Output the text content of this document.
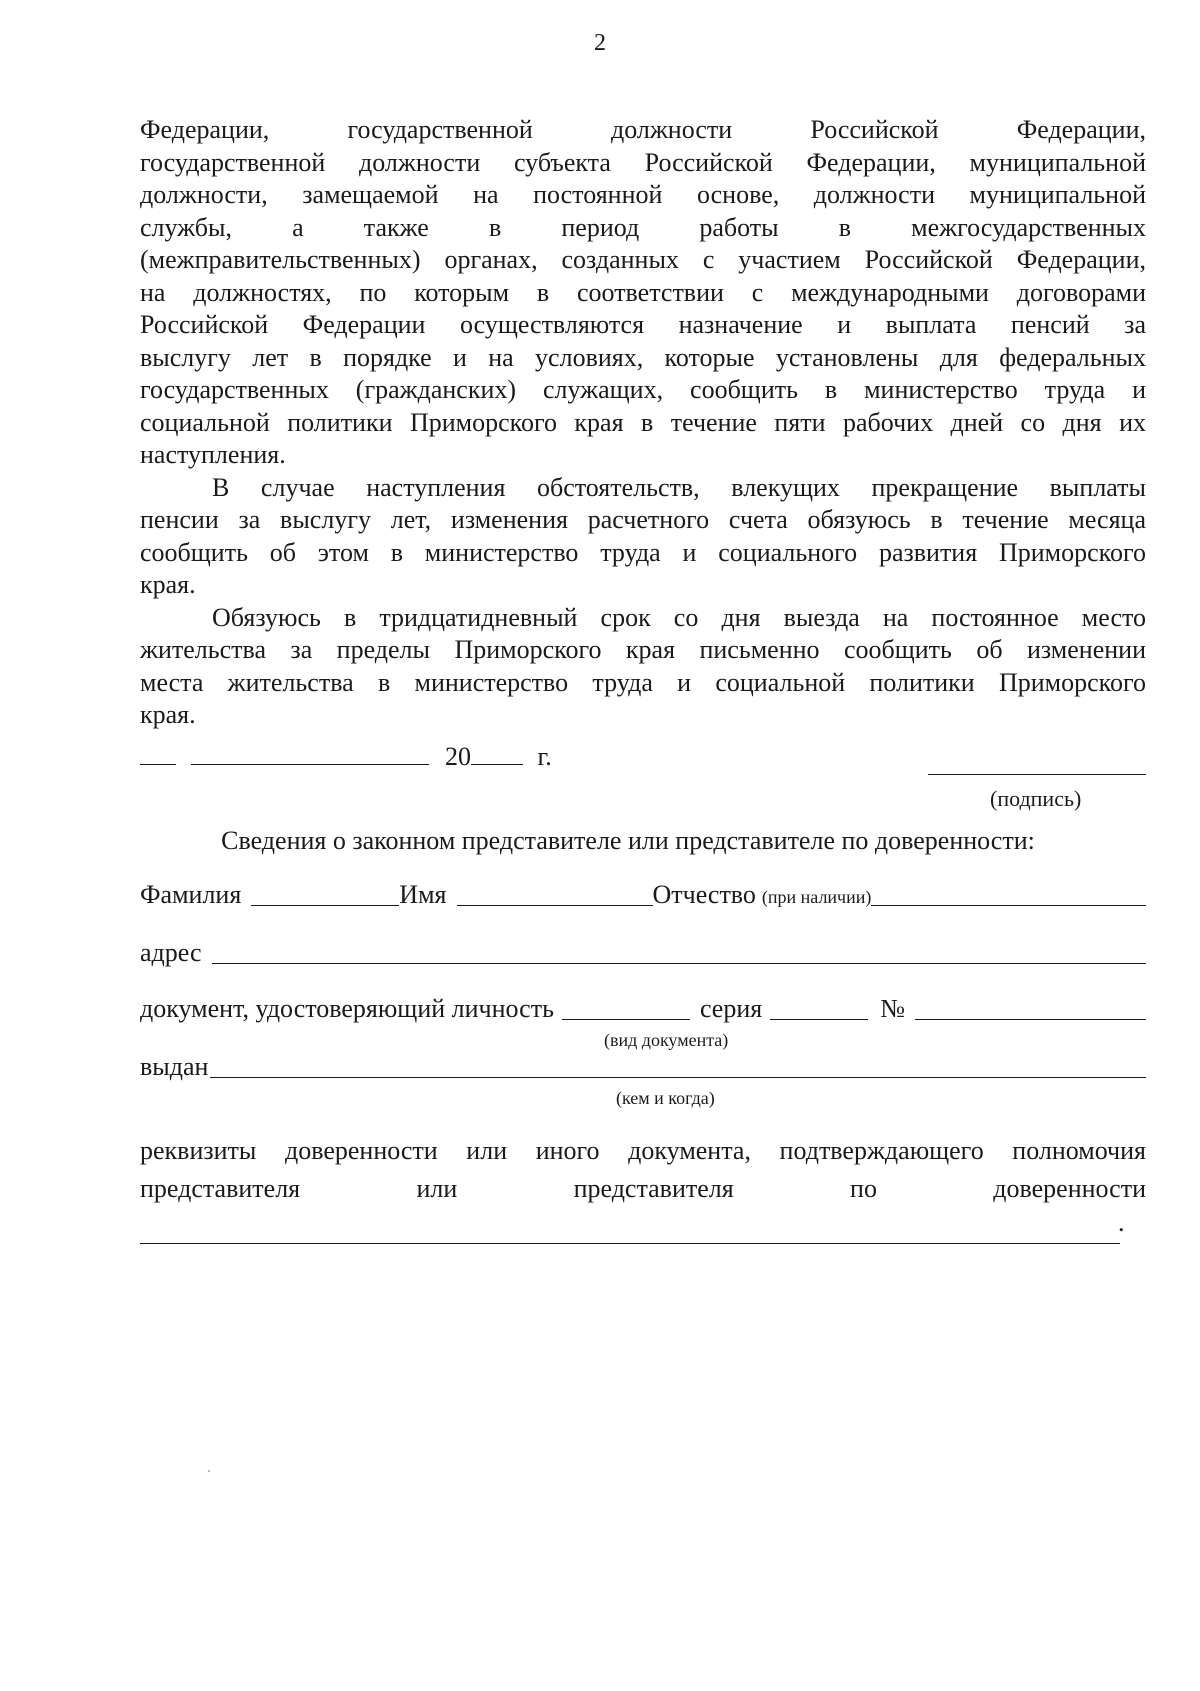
2
Федерации, государственной должности Российской Федерации,
государственной должности субъекта Российской Федерации, муниципальной
должности, замещаемой на постоянной основе, должности муниципальной
службы, а также в период работы в межгосударственных
(межправительственных) органах, созданных с участием Российской Федерации,
на должностях, по которым в соответствии с международными договорами
Российской Федерации осуществляются назначение и выплата пенсий за
выслугу лет в порядке и на условиях, которые установлены для федеральных
государственных (гражданских) служащих, сообщить в министерство труда и
социальной политики Приморского края в течение пяти рабочих дней со дня их
наступления.
В случае наступления обстоятельств, влекущих прекращение выплаты
пенсии за выслугу лет, изменения расчетного счета обязуюсь в течение месяца
сообщить об этом в министерство труда и социального развития Приморского
края.
Обязуюсь в тридцатидневный срок со дня выезда на постоянное место
жительства за пределы Приморского края письменно сообщить об изменении
места жительства в министерство труда и социальной политики Приморского
края.
20	г.
(подпись)
Сведения о законном представителе или представителе по доверенности:
Фамилия	Имя	Отчество (при наличии)
адрес
документ, удостоверяющий личность	серия	№
(вид документа)
выдан
(кем и когда)
реквизиты доверенности или иного документа, подтверждающего полномочия
представителя или представителя по доверенности
.
